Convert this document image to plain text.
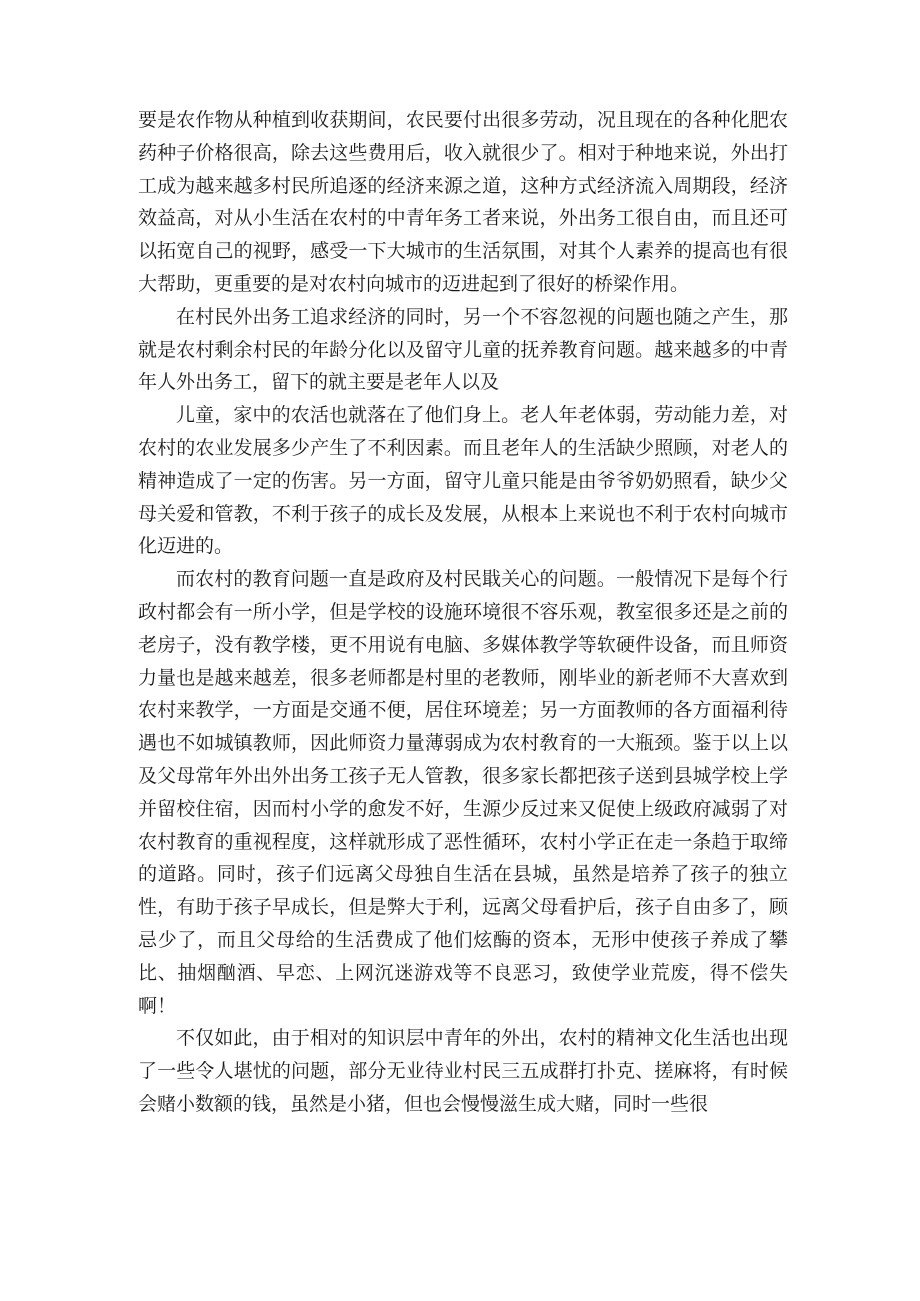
要是农作物从种植到收获期间，农民要付出很多劳动，况且现在的各种化肥农药种子价格很高，除去这些费用后，收入就很少了。相对于种地来说，外出打工成为越来越多村民所追逐的经济来源之道，这种方式经济流入周期段，经济效益高，对从小生活在农村的中青年务工者来说，外出务工很自由，而且还可以拓宽自己的视野，感受一下大城市的生活氛围，对其个人素养的提高也有很大帮助，更重要的是对农村向城市的迈进起到了很好的桥梁作用。

在村民外出务工追求经济的同时，另一个不容忽视的问题也随之产生，那就是农村剩余村民的年龄分化以及留守儿童的抚养教育问题。越来越多的中青年人外出务工，留下的就主要是老年人以及

儿童，家中的农活也就落在了他们身上。老人年老体弱，劳动能力差，对农村的农业发展多少产生了不利因素。而且老年人的生活缺少照顾，对老人的精神造成了一定的伤害。另一方面，留守儿童只能是由爷爷奶奶照看，缺少父母关爱和管教，不利于孩子的成长及发展，从根本上来说也不利于农村向城市化迈进的。

而农村的教育问题一直是政府及村民戢关心的问题。一般情况下是每个行政村都会有一所小学，但是学校的设施环境很不容乐观，教室很多还是之前的老房子，没有教学楼，更不用说有电脑、多媒体教学等软硬件设备，而且师资力量也是越来越差，很多老师都是村里的老教师，刚毕业的新老师不大喜欢到农村来教学，一方面是交通不便，居住环境差；另一方面教师的各方面福利待遇也不如城镇教师，因此师资力量薄弱成为农村敎育的一大瓶颈。鉴于以上以及父母常年外出外出务工孩子无人管教，很多家长都把孩子送到县城学校上学并留校住宿，因而村小学的愈发不好，生源少反过来又促使上级政府减弱了对农村教育的重视程度，这样就形成了恶性循环，农村小学正在走一条趋于取缔的道路。同时，孩子们远离父母独自生活在县城，虽然是培养了孩子的独立性，有助于孩子早成长，但是弊大于利，远离父母看护后，孩子自由多了，顾忌少了，而且父母给的生活费成了他们炫酶的资本，无形中使孩子养成了攀比、抽烟酗酒、早恋、上网沉迷游戏等不良恶习，致使学业荒废，得不偿失啊！

不仅如此，由于相对的知识层中青年的外出，农村的精神文化生活也出现了一些令人堪忧的问题，部分无业待业村民三五成群打扑克、搓麻将，有时候会赌小数额的钱，虽然是小猪，但也会慢慢滋生成大赌，同时一些很
